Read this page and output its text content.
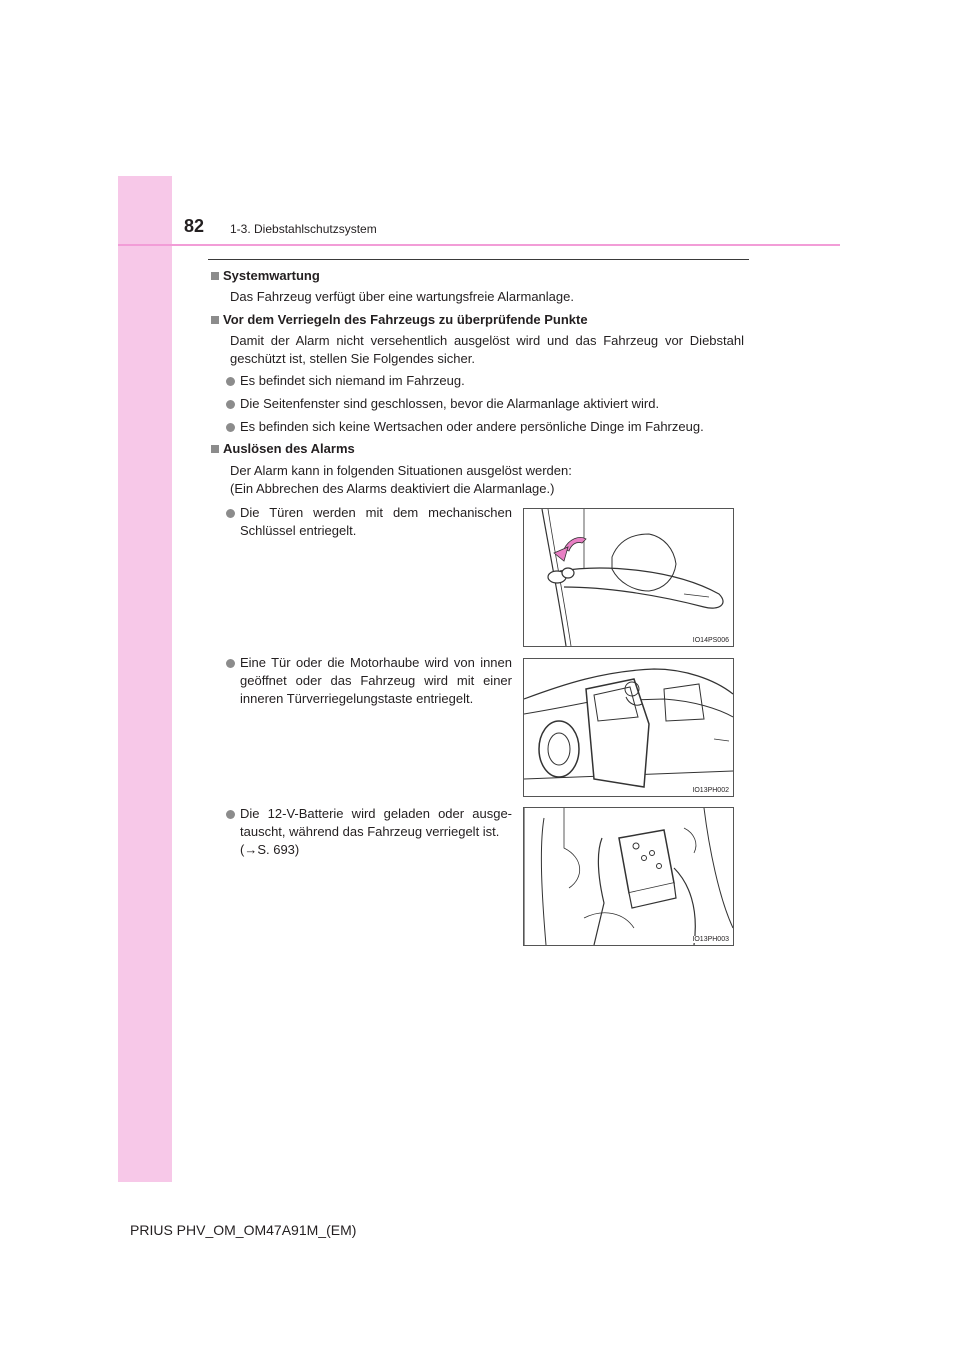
82 1-3. Diebstahlschutzsystem
Systemwartung
Das Fahrzeug verfügt über eine wartungsfreie Alarmanlage.
Vor dem Verriegeln des Fahrzeugs zu überprüfende Punkte
Damit der Alarm nicht versehentlich ausgelöst wird und das Fahrzeug vor Diebstahl geschützt ist, stellen Sie Folgendes sicher.
Es befindet sich niemand im Fahrzeug.
Die Seitenfenster sind geschlossen, bevor die Alarmanlage aktiviert wird.
Es befinden sich keine Wertsachen oder andere persönliche Dinge im Fahrzeug.
Auslösen des Alarms
Der Alarm kann in folgenden Situationen ausgelöst werden:
(Ein Abbrechen des Alarms deaktiviert die Alarmanlage.)
Die Türen werden mit dem mechanischen Schlüssel entriegelt.
Eine Tür oder die Motorhaube wird von innen geöffnet oder das Fahrzeug wird mit einer inneren Türverriegelungstaste entriegelt.
Die 12-V-Batterie wird geladen oder ausge-tauscht, während das Fahrzeug verriegelt ist.
(→S. 693)
IO14PS006
IO13PH002
IO13PH003
PRIUS PHV_OM_OM47A91M_(EM)
